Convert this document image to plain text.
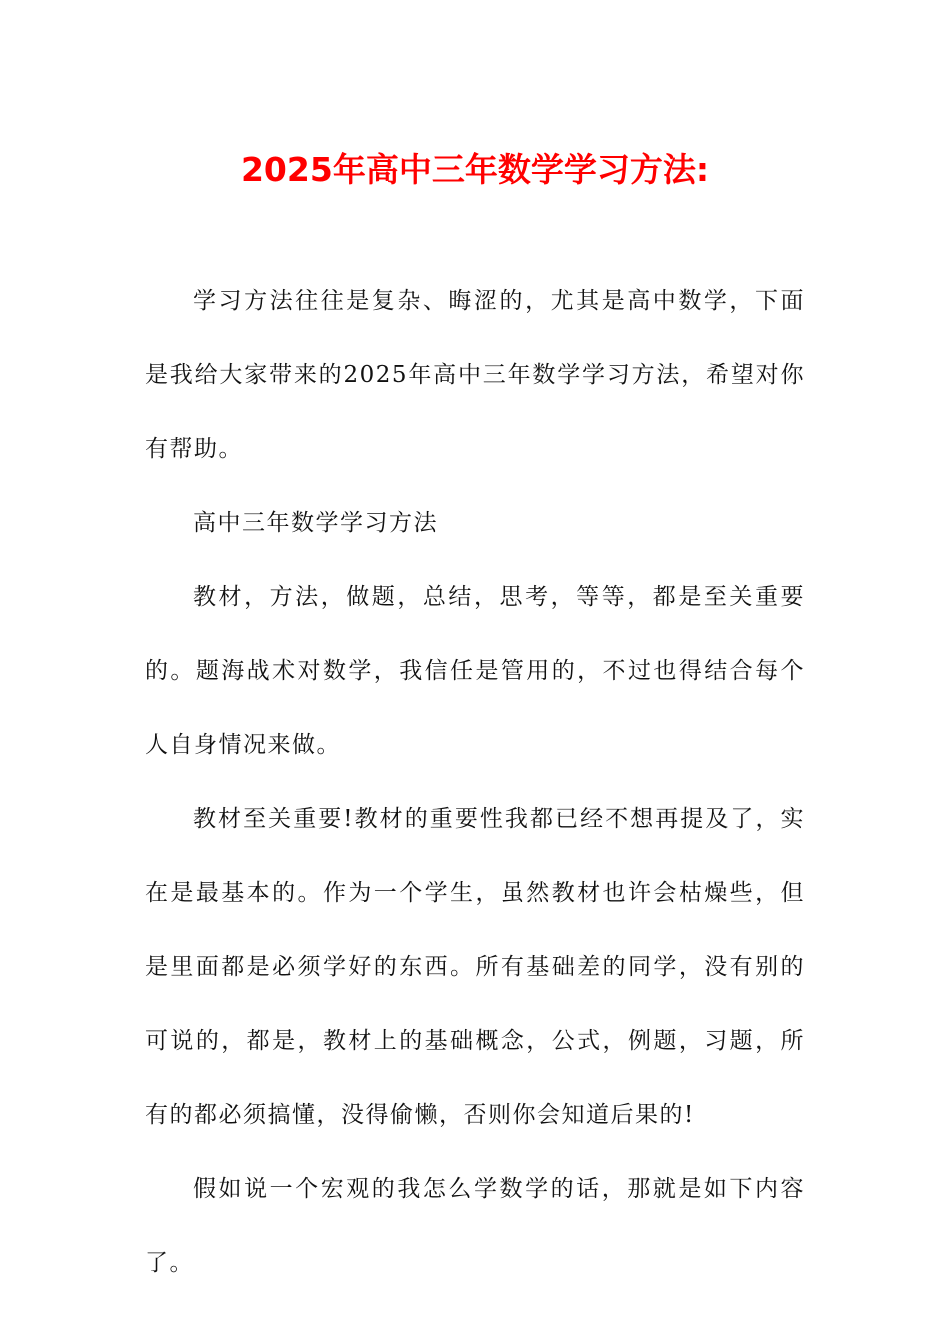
2025年高中三年数学学习方法:

学习方法往往是复杂、晦涩的，尤其是高中数学，下面是我给大家带来的2025年高中三年数学学习方法，希望对你有帮助。

高中三年数学学习方法

教材，方法，做题，总结，思考，等等，都是至关重要的。题海战术对数学，我信任是管用的，不过也得结合每个人自身情况来做。

教材至关重要!教材的重要性我都已经不想再提及了，实在是最基本的。作为一个学生，虽然教材也许会枯燥些，但是里面都是必须学好的东西。所有基础差的同学，没有别的可说的，都是，教材上的基础概念，公式，例题，习题，所有的都必须搞懂，没得偷懒，否则你会知道后果的!

假如说一个宏观的我怎么学数学的话，那就是如下内容了。
